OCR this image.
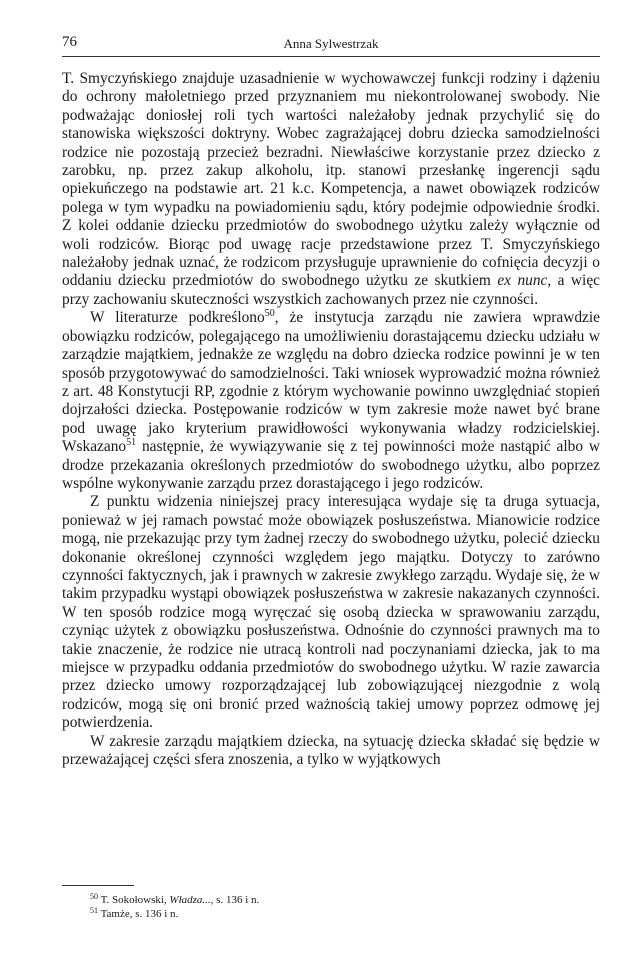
76	Anna Sylwestrzak

T. Smyczyńskiego znajduje uzasadnienie w wychowawczej funkcji rodziny i dążeniu do ochrony małoletniego przed przyznaniem mu niekontrolowanej swobody. Nie podważając doniosłej roli tych wartości należałoby jednak przychylić się do stanowiska większości doktryny. Wobec zagrażającej dobru dziecka samodzielności rodzice nie pozostają przecież bezradni. Niewłaściwe korzystanie przez dziecko z zarobku, np. przez zakup alkoholu, itp. stanowi przesłankę ingerencji sądu opiekuńczego na podstawie art. 21 k.c. Kompetencja, a nawet obowiązek rodziców polega w tym wypadku na powiadomieniu sądu, który podejmie odpowiednie środki. Z kolei oddanie dziecku przedmiotów do swobodnego użytku zależy wyłącznie od woli rodziców. Biorąc pod uwagę racje przedstawione przez T. Smyczyńskiego należałoby jednak uznać, że rodzicom przysługuje uprawnienie do cofnięcia decyzji o oddaniu dziecku przedmiotów do swobodnego użytku ze skutkiem ex nunc, a więc przy zachowaniu skuteczności wszystkich zachowanych przez nie czynności.

W literaturze podkreślono$^{50}$, że instytucja zarządu nie zawiera wprawdzie obowiązku rodziców, polegającego na umożliwieniu dorastającemu dziecku udziału w zarządzie majątkiem, jednakże ze względu na dobro dziecka rodzice powinni je w ten sposób przygotowywać do samodzielności. Taki wniosek wyprowadzić można również z art. 48 Konstytucji RP, zgodnie z którym wychowanie powinno uwzględniać stopień dojrzałości dziecka. Postępowanie rodziców w tym zakresie może nawet być brane pod uwagę jako kryterium prawidłowości wykonywania władzy rodzicielskiej. Wskazano$^{51}$ następnie, że wywiązywanie się z tej powinności może nastąpić albo w drodze przekazania określonych przedmiotów do swobodnego użytku, albo poprzez wspólne wykonywanie zarządu przez dorastającego i jego rodziców.

Z punktu widzenia niniejszej pracy interesująca wydaje się ta druga sytuacja, ponieważ w jej ramach powstać może obowiązek posłuszeństwa. Mianowicie rodzice mogą, nie przekazując przy tym żadnej rzeczy do swobodnego użytku, polecić dziecku dokonanie określonej czynności względem jego majątku. Dotyczy to zarówno czynności faktycznych, jak i prawnych w zakresie zwykłego zarządu. Wydaje się, że w takim przypadku wystąpi obowiązek posłuszeństwa w zakresie nakazanych czynności. W ten sposób rodzice mogą wyręczać się osobą dziecka w sprawowaniu zarządu, czyniąc użytek z obowiązku posłuszeństwa. Odnośnie do czynności prawnych ma to takie znaczenie, że rodzice nie utracą kontroli nad poczynaniami dziecka, jak to ma miejsce w przypadku oddania przedmiotów do swobodnego użytku. W razie zawarcia przez dziecko umowy rozporządzającej lub zobowiązującej niezgodnie z wolą rodziców, mogą się oni bronić przed ważnością takiej umowy poprzez odmowę jej potwierdzenia.

W zakresie zarządu majątkiem dziecka, na sytuację dziecka składać się będzie w przeważającej części sfera znoszenia, a tylko w wyjątkowych

$^{50}$ T. Sokołowski, Władza..., s. 136 i n.
$^{51}$ Tamże, s. 136 i n.
